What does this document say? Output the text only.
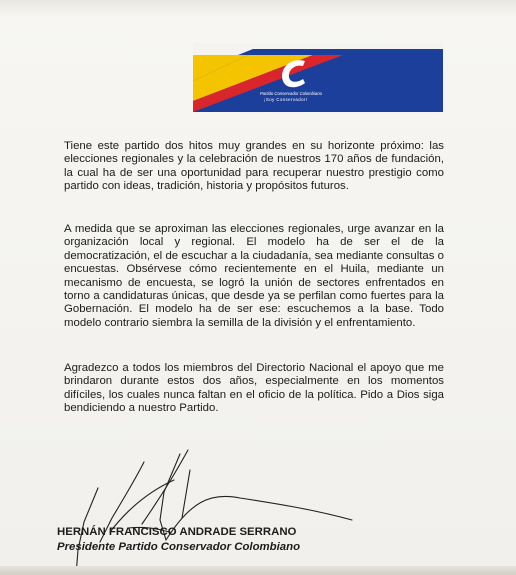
Partido Conservador Colombiano
¡Soy Conservador!

Tiene este partido dos hitos muy grandes en su horizonte próximo: las elecciones regionales y la celebración de nuestros 170 años de fundación, la cual ha de ser una oportunidad para recuperar nuestro prestigio como partido con ideas, tradición, historia y propósitos futuros.

A medida que se aproximan las elecciones regionales, urge avanzar en la organización local y regional. El modelo ha de ser el de la democratización, el de escuchar a la ciudadanía, sea mediante consultas o encuestas. Obsérvese cómo recientemente en el Huila, mediante un mecanismo de encuesta, se logró la unión de sectores enfrentados en torno a candidaturas únicas, que desde ya se perfilan como fuertes para la Gobernación. El modelo ha de ser ese: escuchemos a la base. Todo modelo contrario siembra la semilla de la división y el enfrentamiento.

Agradezco a todos los miembros del Directorio Nacional el apoyo que me brindaron durante estos dos años, especialmente en los momentos difíciles, los cuales nunca faltan en el oficio de la política. Pido a Dios siga bendiciendo a nuestro Partido.

HERNÁN FRANCISCO ANDRADE SERRANO

Presidente Partido Conservador Colombiano
